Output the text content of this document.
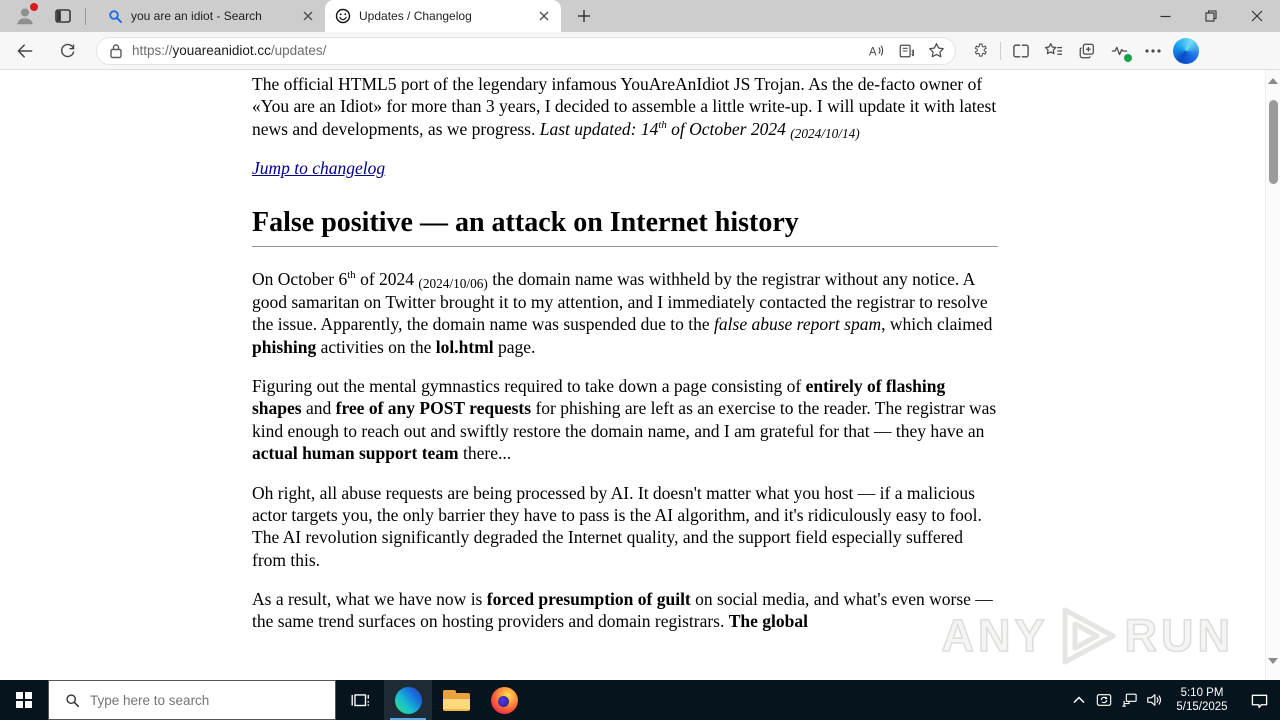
you are an idiot - Search	Updates / Changelog
https:// youareanidiot.cc /updates/	A

The official HTML5 port of the legendary infamous YouAreAnIdiot JS Trojan. As the de-facto owner of «You are an Idiot» for more than 3 years, I decided to assemble a little write-up. I will update it with latest news and developments, as we progress. Last updated: 14th of October 2024 $_{(2024/10/14)}$

Jump to changelog

False positive — an attack on Internet history

On October 6th of 2024 $_{(2024/10/06)}$ the domain name was withheld by the registrar without any notice. A good samaritan on Twitter brought it to my attention, and I immediately contacted the registrar to resolve the issue. Apparently, the domain name was suspended due to the false abuse report spam, which claimed phishing activities on the lol.html page.

Figuring out the mental gymnastics required to take down a page consisting of entirely of flashing shapes and free of any POST requests for phishing are left as an exercise to the reader. The registrar was kind enough to reach out and swiftly restore the domain name, and I am grateful for that — they have an actual human support team there...

Oh right, all abuse requests are being processed by AI. It doesn't matter what you host — if a malicious actor targets you, the only barrier they have to pass is the AI algorithm, and it's ridiculously easy to fool. The AI revolution significantly degraded the Internet quality, and the support field especially suffered from this.

As a result, what we have now is forced presumption of guilt on social media, and what's even worse — the same trend surfaces on hosting providers and domain registrars. The global	ANY RUN
Type here to search
5:10 PM
5/15/2025
